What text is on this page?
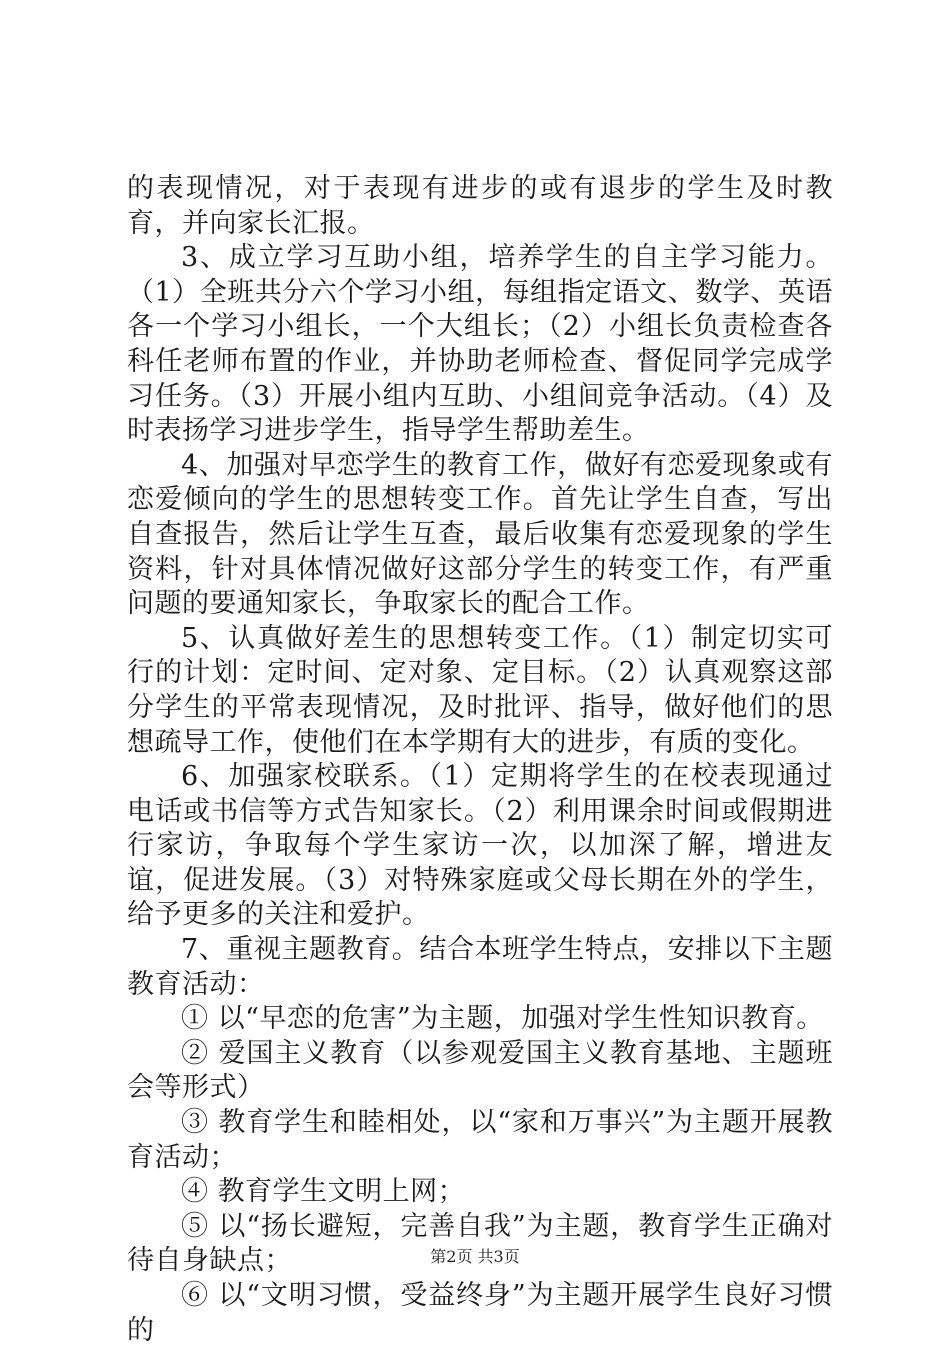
的表现情况，对于表现有进步的或有退步的学生及时教育，并向家长汇报。

3、成立学习互助小组，培养学生的自主学习能力。（1）全班共分六个学习小组，每组指定语文、数学、英语各一个学习小组长，一个大组长；（2）小组长负责检查各科任老师布置的作业，并协助老师检查、督促同学完成学习任务。（3）开展小组内互助、小组间竞争活动。（4）及时表扬学习进步学生，指导学生帮助差生。

4、加强对早恋学生的教育工作，做好有恋爱现象或有恋爱倾向的学生的思想转变工作。首先让学生自查，写出自查报告，然后让学生互查，最后收集有恋爱现象的学生资料，针对具体情况做好这部分学生的转变工作，有严重问题的要通知家长，争取家长的配合工作。

5、认真做好差生的思想转变工作。（1）制定切实可行的计划：定时间、定对象、定目标。（2）认真观察这部分学生的平常表现情况，及时批评、指导，做好他们的思想疏导工作，使他们在本学期有大的进步，有质的变化。

6、加强家校联系。（1）定期将学生的在校表现通过电话或书信等方式告知家长。（2）利用课余时间或假期进行家访，争取每个学生家访一次，以加深了解，增进友谊，促进发展。（3）对特殊家庭或父母长期在外的学生，给予更多的关注和爱护。

7、重视主题教育。结合本班学生特点，安排以下主题教育活动：

① 以“早恋的危害”为主题，加强对学生性知识教育。

② 爱国主义教育（以参观爱国主义教育基地、主题班会等形式）

③ 教育学生和睦相处，以“家和万事兴”为主题开展教育活动；

④ 教育学生文明上网；

⑤ 以“扬长避短，完善自我”为主题，教育学生正确对待自身缺点；

⑥ 以“文明习惯，受益终身”为主题开展学生良好习惯的

第2页 共3页
